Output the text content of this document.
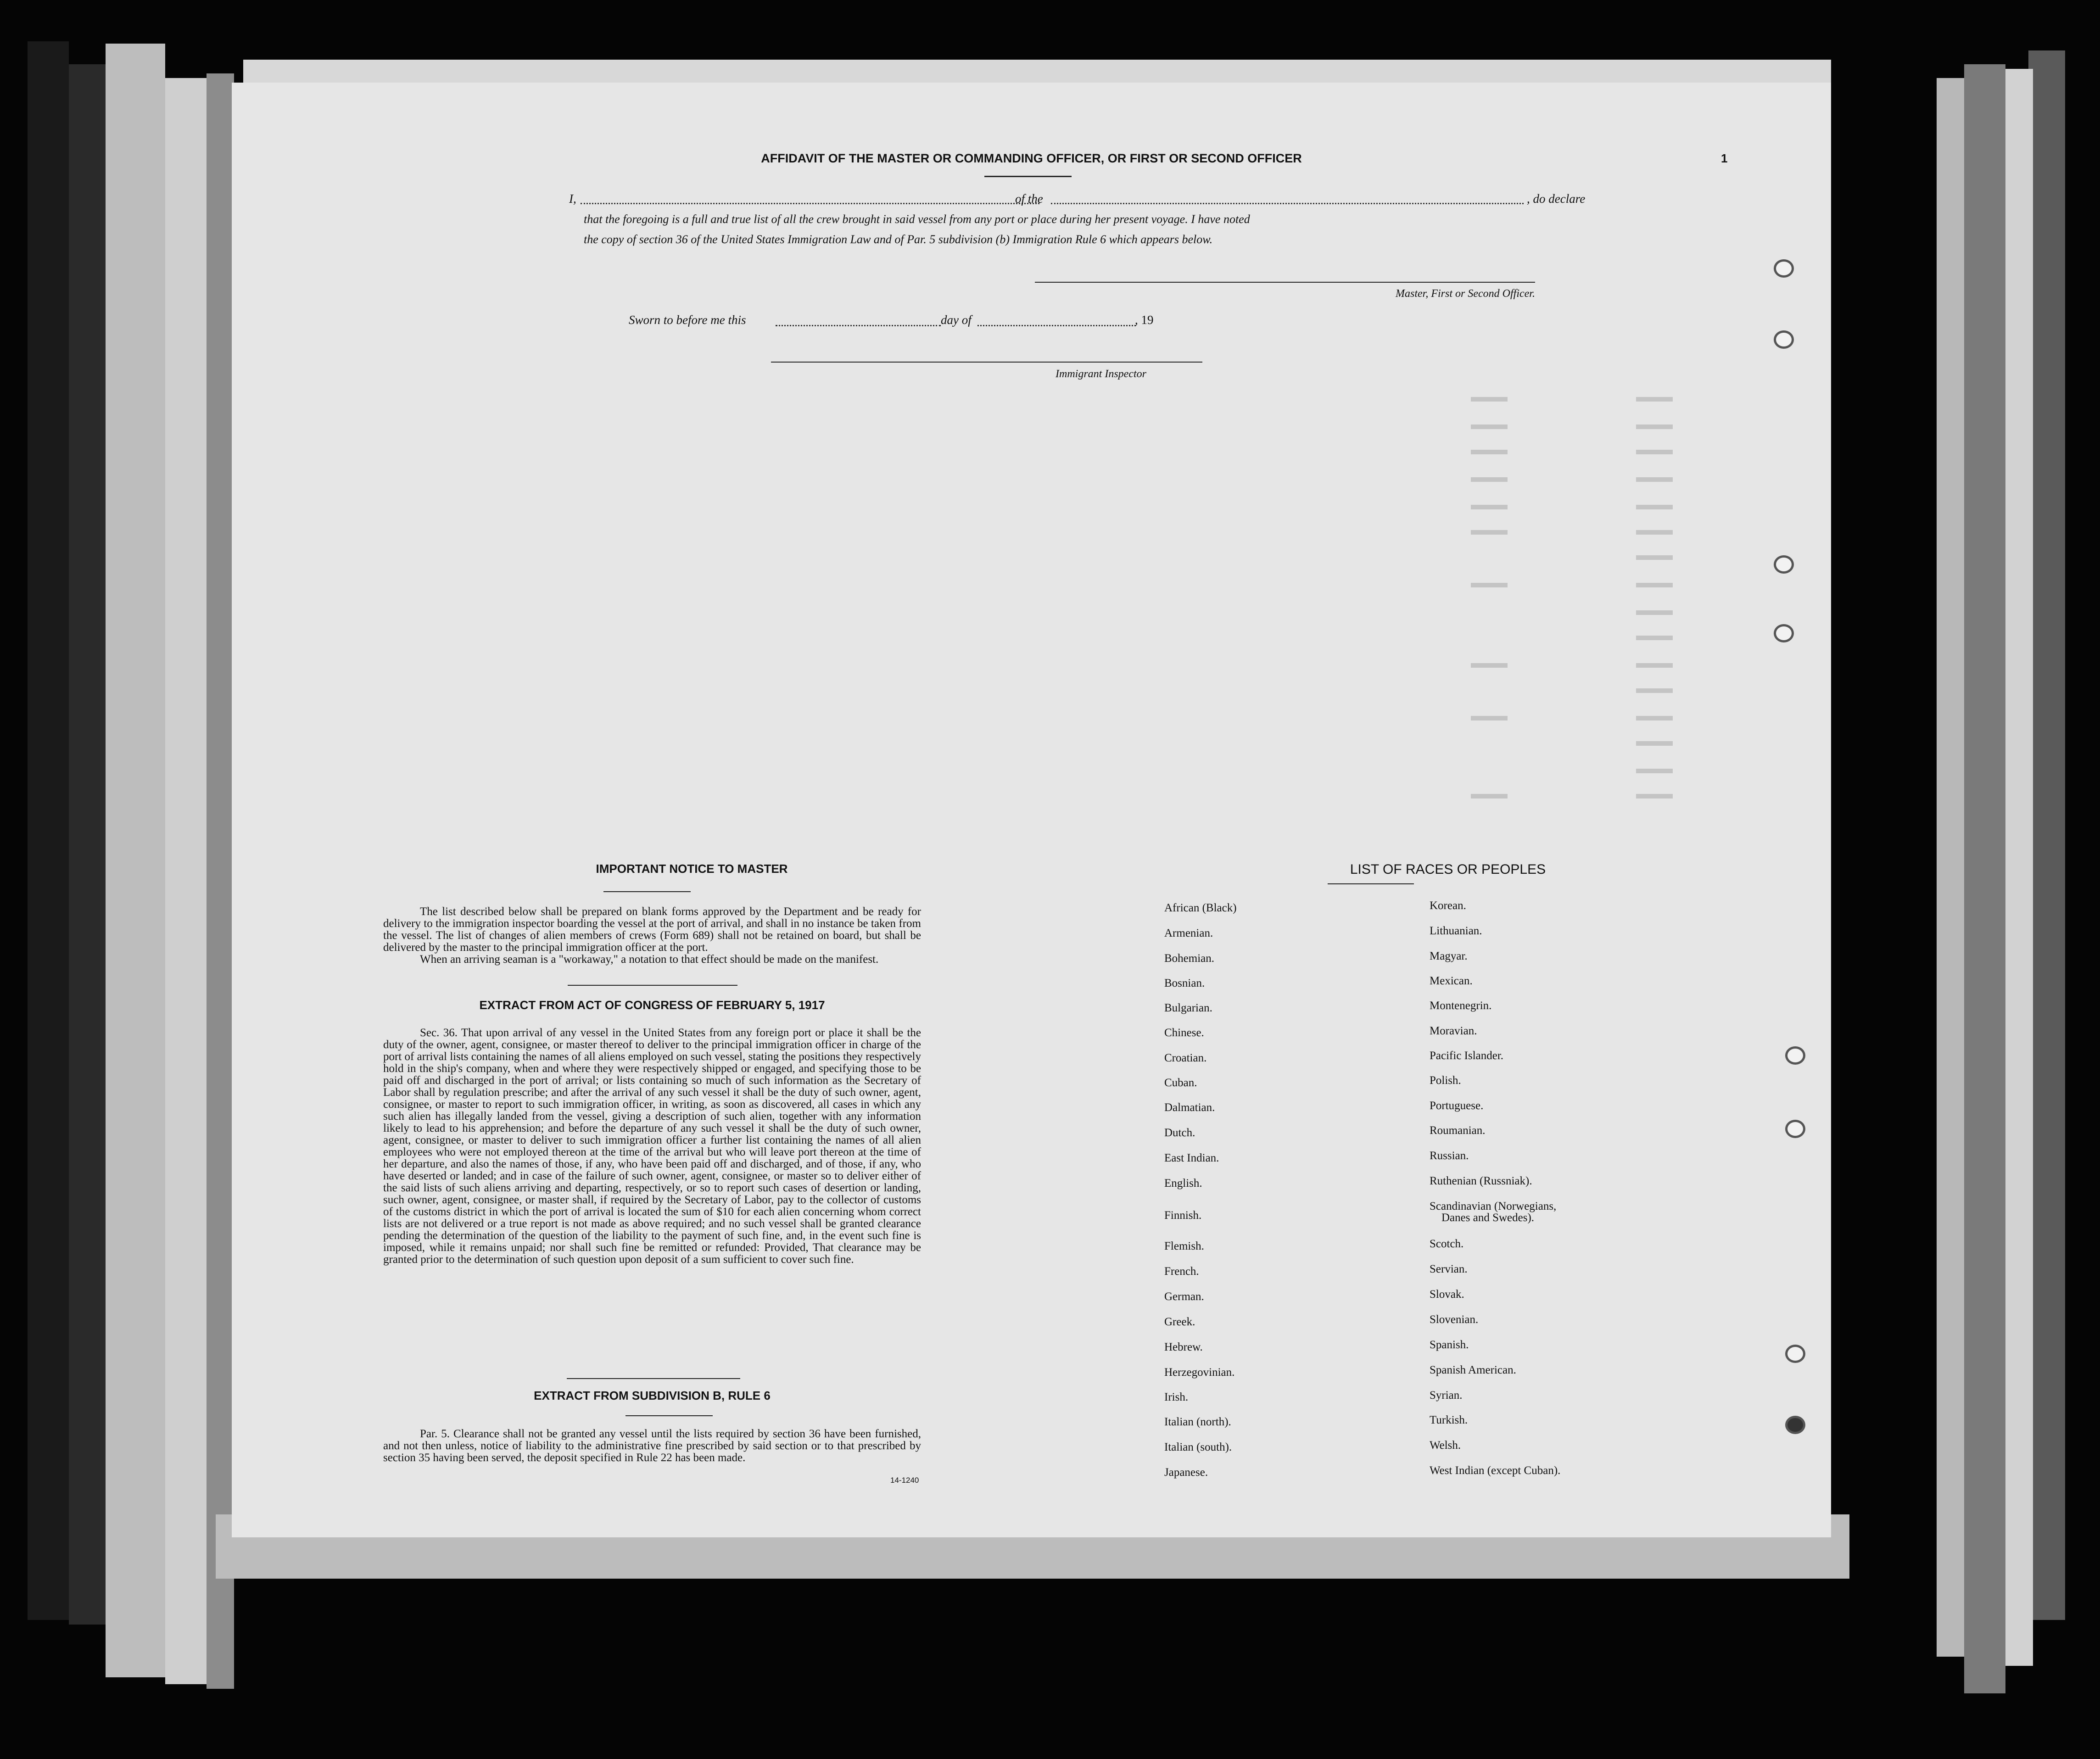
1
AFFIDAVIT OF THE MASTER OR COMMANDING OFFICER, OR FIRST OR SECOND OFFICER
I,	of the	, do declare
that the foregoing is a full and true list of all the crew brought in said vessel from any port or place during her present voyage. I have noted
the copy of section 36 of the United States Immigration Law and of Par. 5 subdivision (b) Immigration Rule 6 which appears below.
Master, First or Second Officer.
Sworn to before me this	day of	, 19
Immigrant Inspector
IMPORTANT NOTICE TO MASTER
The list described below shall be prepared on blank forms approved by the Department and be ready for delivery to the immigration inspector boarding the vessel at the port of arrival, and shall in no instance be taken from the vessel. The list of changes of alien members of crews (Form 689) shall not be retained on board, but shall be delivered by the master to the principal immigration officer at the port.
When an arriving seaman is a "workaway," a notation to that effect should be made on the manifest.
EXTRACT FROM ACT OF CONGRESS OF FEBRUARY 5, 1917
Sec. 36. That upon arrival of any vessel in the United States from any foreign port or place it shall be the duty of the owner, agent, consignee, or master thereof to deliver to the principal immigration officer in charge of the port of arrival lists containing the names of all aliens employed on such vessel, stating the positions they respectively hold in the ship's company, when and where they were respectively shipped or engaged, and specifying those to be paid off and discharged in the port of arrival; or lists containing so much of such information as the Secretary of Labor shall by regulation prescribe; and after the arrival of any such vessel it shall be the duty of such owner, agent, consignee, or master to report to such immigration officer, in writing, as soon as discovered, all cases in which any such alien has illegally landed from the vessel, giving a description of such alien, together with any information likely to lead to his apprehension; and before the departure of any such vessel it shall be the duty of such owner, agent, consignee, or master to deliver to such immigration officer a further list containing the names of all alien employees who were not employed thereon at the time of the arrival but who will leave port thereon at the time of her departure, and also the names of those, if any, who have been paid off and discharged, and of those, if any, who have deserted or landed; and in case of the failure of such owner, agent, consignee, or master so to deliver either of the said lists of such aliens arriving and departing, respectively, or so to report such cases of desertion or landing, such owner, agent, consignee, or master shall, if required by the Secretary of Labor, pay to the collector of customs of the customs district in which the port of arrival is located the sum of $10 for each alien concerning whom correct lists are not delivered or a true report is not made as above required; and no such vessel shall be granted clearance pending the determination of the question of the liability to the payment of such fine, and, in the event such fine is imposed, while it remains unpaid; nor shall such fine be remitted or refunded: Provided, That clearance may be granted prior to the determination of such question upon deposit of a sum sufficient to cover such fine.
EXTRACT FROM SUBDIVISION B, RULE 6
Par. 5. Clearance shall not be granted any vessel until the lists required by section 36 have been furnished, and not then unless, notice of liability to the administrative fine prescribed by said section or to that prescribed by section 35 having been served, the deposit specified in Rule 22 has been made.
14-1240
LIST OF RACES OR PEOPLES
African (Black)
Armenian.
Bohemian.
Bosnian.
Bulgarian.
Chinese.
Croatian.
Cuban.
Dalmatian.
Dutch.
East Indian.
English.
Finnish.
Flemish.
French.
German.
Greek.
Hebrew.
Herzegovinian.
Irish.
Italian (north).
Italian (south).
Japanese.
Korean.
Lithuanian.
Magyar.
Mexican.
Montenegrin.
Moravian.
Pacific Islander.
Polish.
Portuguese.
Roumanian.
Russian.
Ruthenian (Russniak).
Scandinavian (Norwegians,
Danes and Swedes).
Scotch.
Servian.
Slovak.
Slovenian.
Spanish.
Spanish American.
Syrian.
Turkish.
Welsh.
West Indian (except Cuban).
